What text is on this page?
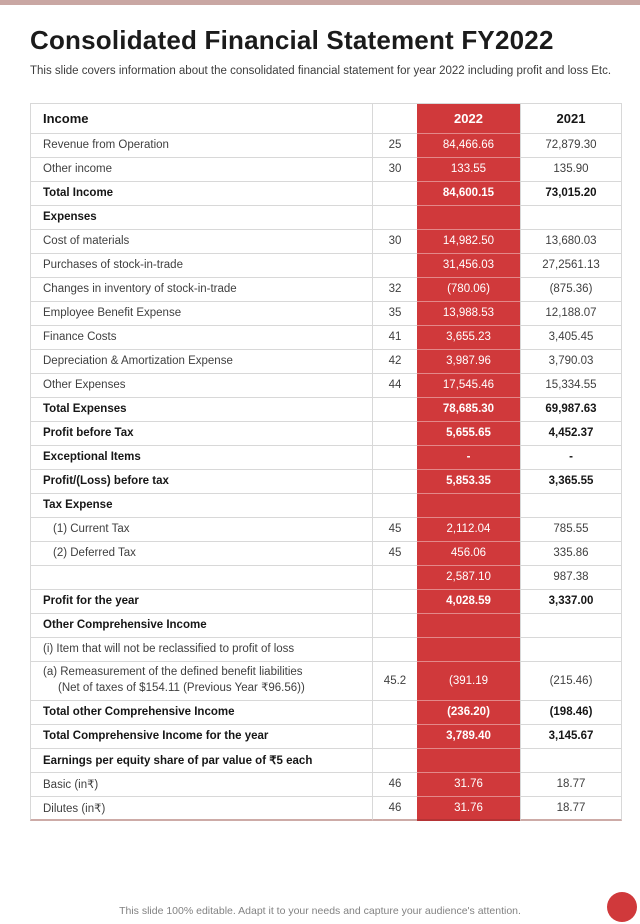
Consolidated Financial Statement FY2022

This slide covers information about the consolidated financial statement for year 2022 including profit and loss Etc.

Income		2022	2021
Revenue from Operation	25	84,466.66	72,879.30
Other income	30	133.55	135.90
Total Income		84,600.15	73,015.20
Expenses			
Cost of materials	30	14,982.50	13,680.03
Purchases of stock-in-trade		31,456.03	27,2561.13
Changes in inventory of stock-in-trade	32	(780.06)	(875.36)
Employee Benefit Expense	35	13,988.53	12,188.07
Finance Costs	41	3,655.23	3,405.45
Depreciation & Amortization Expense	42	3,987.96	3,790.03
Other Expenses	44	17,545.46	15,334.55
Total Expenses		78,685.30	69,987.63
Profit before Tax		5,655.65	4,452.37
Exceptional Items		-	-
Profit/(Loss) before tax		5,853.35	3,365.55
Tax Expense			
(1) Current Tax	45	2,112.04	785.55
(2) Deferred Tax	45	456.06	335.86
		2,587.10	987.38
Profit for the year		4,028.59	3,337.00
Other Comprehensive Income			
(i) Item that will not be reclassified to profit of loss			
(a) Remeasurement of the defined benefit liabilities
(Net of taxes of $154.11 (Previous Year ₹96.56))	45.2	(391.19	(215.46)
Total other Comprehensive Income		(236.20)	(198.46)
Total Comprehensive Income for the year		3,789.40	3,145.67
Earnings per equity share of par value of ₹5 each			
Basic (in₹)	46	31.76	18.77
Dilutes (in₹)	46	31.76	18.77
This slide 100% editable. Adapt it to your needs and capture your audience's attention.
